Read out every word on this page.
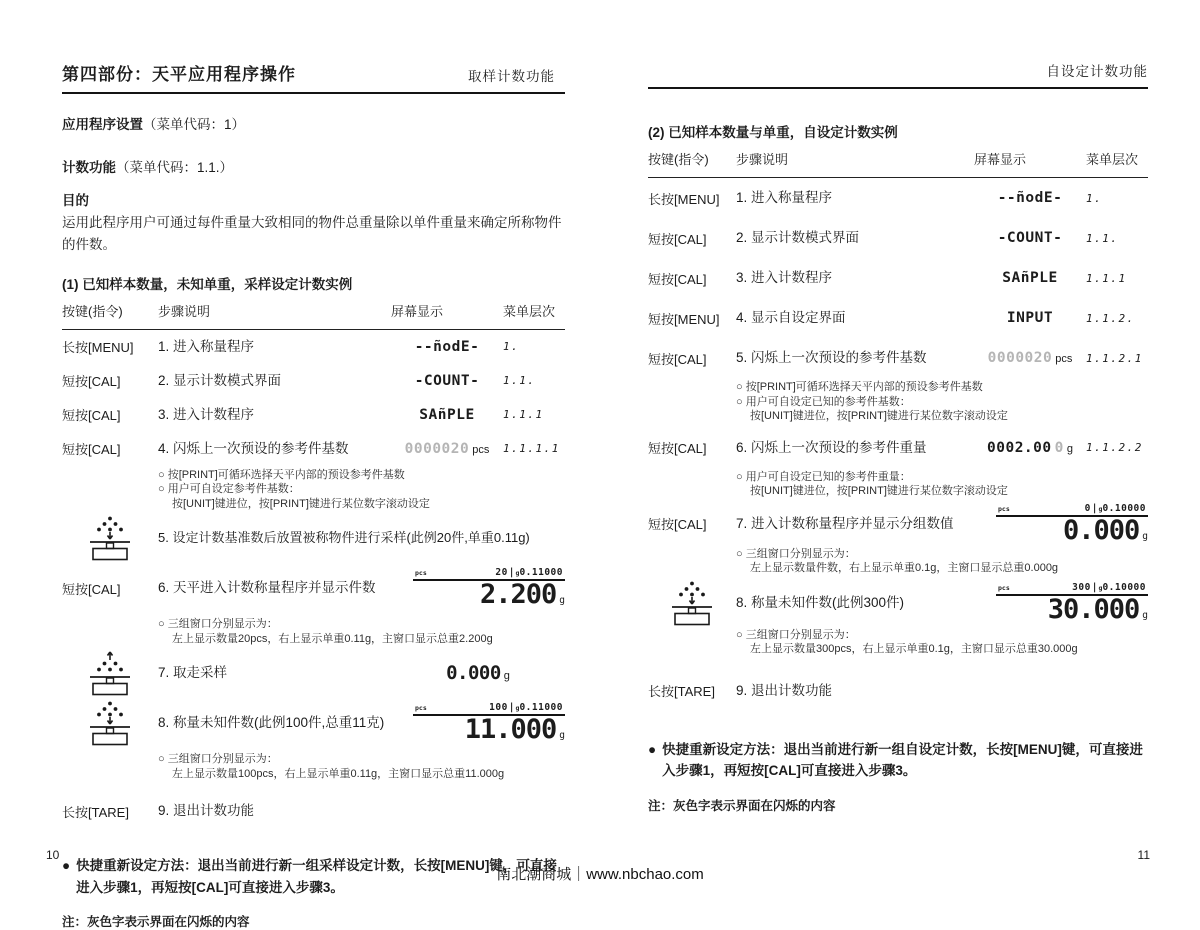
第四部份：天平应用程序操作	取样计数功能
应用程序设置（菜单代码：1）
计数功能（菜单代码：1.1.）
目的
运用此程序用户可通过每件重量大致相同的物件总重量除以单件重量来确定所称物件的件数。
(1) 已知样本数量，未知单重，采样设定计数实例
按键(指令)	步骤说明	屏幕显示	菜单层次
长按[MENU]	1. 进入称量程序	--ñodE- 1.
短按[CAL]	2. 显示计数模式界面	-COUNT- 1.1.
短按[CAL]	3. 进入计数程序	SAñPLE	1.1.1
短按[CAL]	4. 闪烁上一次预设的参考件基数	0000020 pcs 1.1.1.1
○ 按[PRINT]可循环选择天平内部的预设参考件基数
○ 用户可自设定参考件基数：
按[UNIT]键进位，按[PRINT]键进行某位数字滚动设定
5. 设定计数基准数后放置被称物件进行采样(此例20件,单重0.11g)
短按[CAL]	6. 天平进入计数称量程序并显示件数
pcs	20 | g 0.11000
2.200 g
○ 三组窗口分别显示为：
左上显示数量20pcs，右上显示单重0.11g，主窗口显示总重2.200g
7. 取走采样	0.000 g
8. 称量未知件数(此例100件,总重11克)
pcs	100 | g 0.11000
11.000 g
○ 三组窗口分别显示为：
左上显示数量100pcs，右上显示单重0.11g，主窗口显示总重11.000g
长按[TARE]	9. 退出计数功能
● 快捷重新设定方法：退出当前进行新一组采样设定计数，长按[MENU]键，可直接进入步骤1，再短按[CAL]可直接进入步骤3。
注：灰色字表示界面在闪烁的内容
自设定计数功能
(2) 已知样本数量与单重，自设定计数实例
按键(指令)	步骤说明	屏幕显示	菜单层次
长按[MENU]	1. 进入称量程序	--ñodE- 1.
短按[CAL]	2. 显示计数模式界面	-COUNT- 1.1.
短按[CAL]	3. 进入计数程序	SAñPLE	1.1.1
短按[MENU]	4. 显示自设定界面	INPUT	1.1.2.
短按[CAL]	5. 闪烁上一次预设的参考件基数	0000020 pcs 1.1.2.1
○ 按[PRINT]可循环选择天平内部的预设参考件基数
○ 用户可自设定已知的参考件基数：
按[UNIT]键进位，按[PRINT]键进行某位数字滚动设定
短按[CAL]	6. 闪烁上一次预设的参考件重量	0002.00 0 g 1.1.2.2
○ 用户可自设定已知的参考件重量：
按[UNIT]键进位，按[PRINT]键进行某位数字滚动设定
短按[CAL]	7. 进入计数称量程序并显示分组数值
pcs	0 | g 0.10000
0.000 g
○ 三组窗口分别显示为：
左上显示数量件数，右上显示单重0.1g，主窗口显示总重0.000g
8. 称量未知件数(此例300件)
pcs	300 | g 0.10000
30.000 g
○ 三组窗口分别显示为：
左上显示数量300pcs，右上显示单重0.1g，主窗口显示总重30.000g
长按[TARE]	9. 退出计数功能
● 快捷重新设定方法：退出当前进行新一组自设定计数，长按[MENU]键，可直接进入步骤1，再短按[CAL]可直接进入步骤3。
注：灰色字表示界面在闪烁的内容
10	11
南北潮商城｜www.nbchao.com
